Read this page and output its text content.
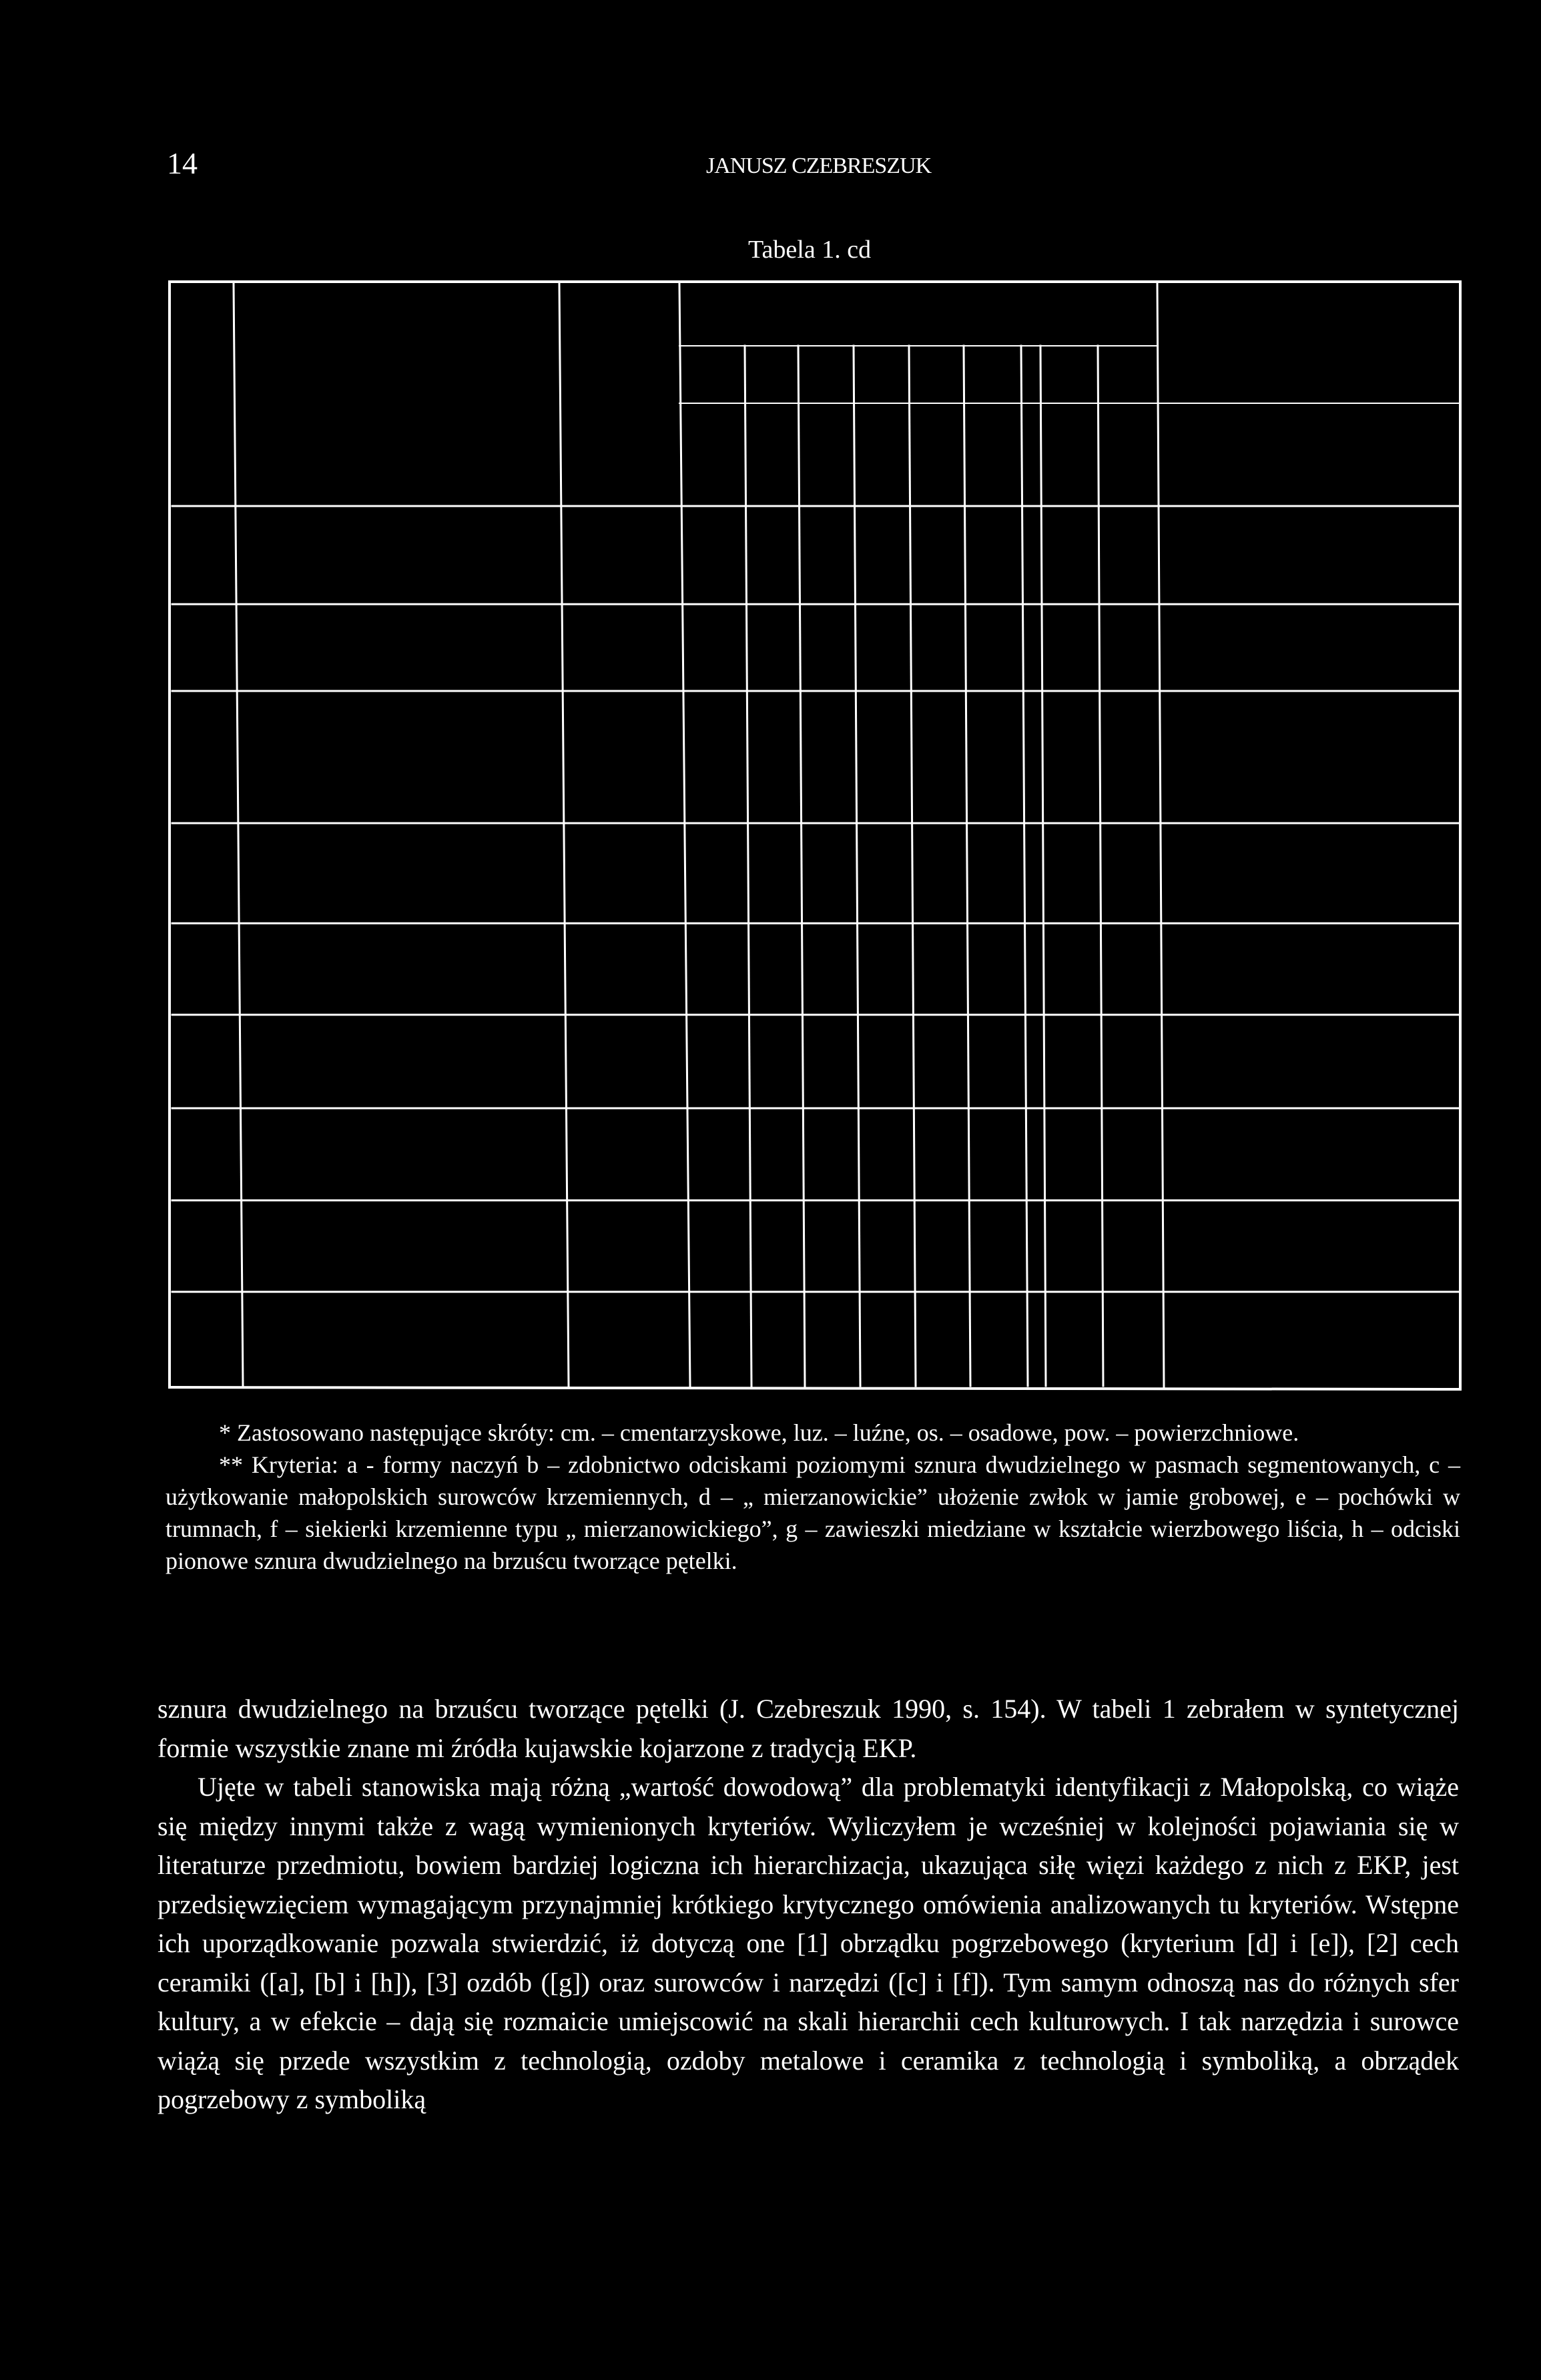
14	JANUSZ CZEBRESZUK
Tabela 1. cd

* Zastosowano następujące skróty: cm. – cmentarzyskowe, luz. – luźne, os. – osadowe, pow. – powierzchniowe.

** Kryteria: a - formy naczyń b – zdobnictwo odciskami poziomymi sznura dwudzielnego w pasmach segmentowanych, c – użytkowanie małopolskich surowców krzemiennych, d – „ mierzanowickie” ułożenie zwłok w jamie grobowej, e – pochówki w trumnach, f – siekierki krzemienne typu „ mierzanowickiego”, g – zawieszki miedziane w kształcie wierzbowego liścia, h – odciski pionowe sznura dwudzielnego na brzuścu tworzące pętelki.

sznura dwudzielnego na brzuścu tworzące pętelki (J. Czebreszuk 1990, s. 154). W tabeli 1 zebrałem w syntetycznej formie wszystkie znane mi źródła kujawskie kojarzone z tradycją EKP.

Ujęte w tabeli stanowiska mają różną „wartość dowodową” dla problematyki identyfikacji z Małopolską, co wiąże się między innymi także z wagą wymienionych kryteriów. Wyliczyłem je wcześniej w kolejności pojawiania się w literaturze przedmiotu, bowiem bardziej logiczna ich hierarchizacja, ukazująca siłę więzi każdego z nich z EKP, jest przedsięwzięciem wymagającym przynajmniej krótkiego krytycznego omówienia analizowanych tu kryteriów. Wstępne ich uporządkowanie pozwala stwierdzić, iż dotyczą one [1] obrządku pogrzebowego (kryterium [d] i [e]), [2] cech ceramiki ([a], [b] i [h]), [3] ozdób ([g]) oraz surowców i narzędzi ([c] i [f]). Tym samym odnoszą nas do różnych sfer kultury, a w efekcie – dają się rozmaicie umiejscowić na skali hierarchii cech kulturowych. I tak narzędzia i surowce wiążą się przede wszystkim z technologią, ozdoby metalowe i ceramika z technologią i symboliką, a obrządek pogrzebowy z symboliką
